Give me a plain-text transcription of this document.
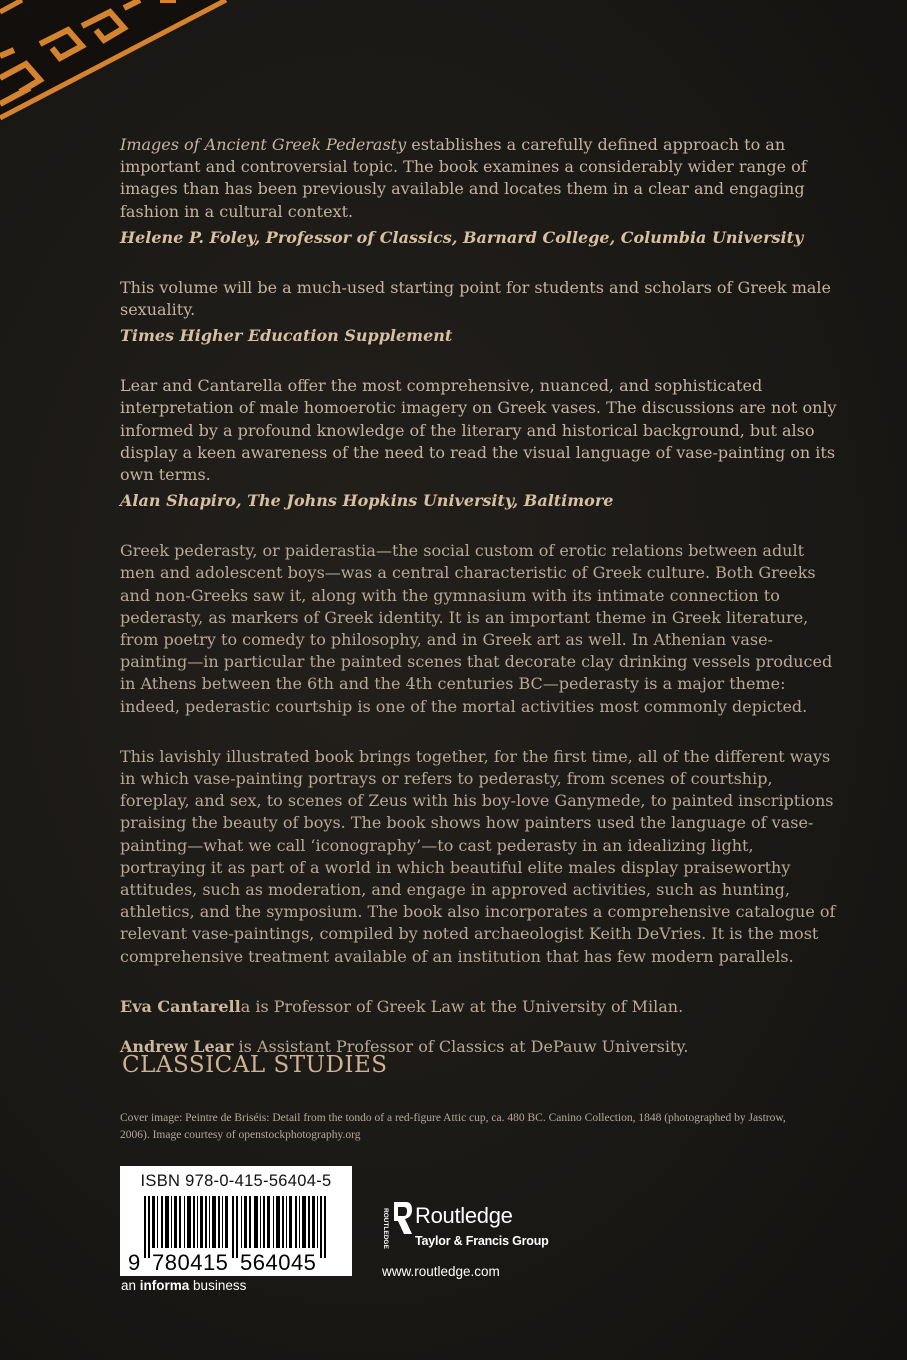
Images of Ancient Greek Pederasty establishes a carefully defined approach to an important and controversial topic. The book examines a considerably wider range of images than has been previously available and locates them in a clear and engaging fashion in a cultural context.

Helene P. Foley, Professor of Classics, Barnard College, Columbia University

This volume will be a much-used starting point for students and scholars of Greek male sexuality.

Times Higher Education Supplement

Lear and Cantarella offer the most comprehensive, nuanced, and sophisticated interpretation of male homoerotic imagery on Greek vases. The discussions are not only informed by a profound knowledge of the literary and historical background, but also display a keen awareness of the need to read the visual language of vase-painting on its own terms.

Alan Shapiro, The Johns Hopkins University, Baltimore

Greek pederasty, or paiderastia—the social custom of erotic relations between adult men and adolescent boys—was a central characteristic of Greek culture. Both Greeks and non-Greeks saw it, along with the gymnasium with its intimate connection to pederasty, as markers of Greek identity. It is an important theme in Greek literature, from poetry to comedy to philosophy, and in Greek art as well. In Athenian vase-painting—in particular the painted scenes that decorate clay drinking vessels produced in Athens between the 6th and the 4th centuries BC—pederasty is a major theme: indeed, pederastic courtship is one of the mortal activities most commonly depicted.

This lavishly illustrated book brings together, for the first time, all of the different ways in which vase-painting portrays or refers to pederasty, from scenes of courtship, foreplay, and sex, to scenes of Zeus with his boy-love Ganymede, to painted inscriptions praising the beauty of boys. The book shows how painters used the language of vase-painting—what we call ‘iconography’—to cast pederasty in an idealizing light, portraying it as part of a world in which beautiful elite males display praiseworthy attitudes, such as moderation, and engage in approved activities, such as hunting, athletics, and the symposium. The book also incorporates a comprehensive catalogue of relevant vase-paintings, compiled by noted archaeologist Keith DeVries. It is the most comprehensive treatment available of an institution that has few modern parallels.

Eva Cantarella is Professor of Greek Law at the University of Milan.

Andrew Lear is Assistant Professor of Classics at DePauw University.

CLASSICAL STUDIES
Cover image: Peintre de Briséis: Detail from the tondo of a red-figure Attic cup, ca. 480 BC. Canino Collection, 1848 (photographed by Jastrow, 2006). Image courtesy of openstockphotography.org
ISBN 978-0-415-56404-5
9 780415 564045
an informa business
ROUTLEDGE Routledge
Taylor & Francis Group
www.routledge.com
